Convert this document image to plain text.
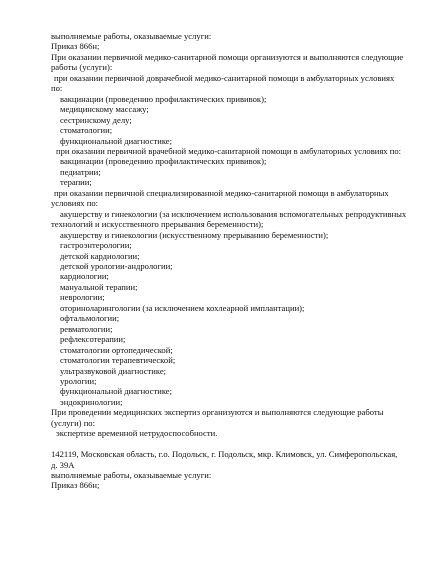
выполняемые работы, оказываемые услуги:
Приказ 866н;
При оказании первичной медико-санитарной помощи организуются и выполняются следующие
работы (услуги):
при оказании первичной доврачебной медико-санитарной помощи в амбулаторных условиях
по:
вакцинации (проведению профилактических прививок);
медицинскому массажу;
сестринскому делу;
стоматологии;
функциональной диагностике;
при оказании первичной врачебной медико-санитарной помощи в амбулаторных условиях по:
вакцинации (проведению профилактических прививок);
педиатрии;
терапии;
при оказании первичной специализированной медико-санитарной помощи в амбулаторных
условиях по:
акушерству и гинекологии (за исключением использования вспомогательных репродуктивных
технологий и искусственного прерывания беременности);
акушерству и гинекологии (искусственному прерыванию беременности);
гастроэнтерологии;
детской кардиологии;
детской урологии-андрологии;
кардиологии;
мануальной терапии;
неврологии;
оториноларингологии (за исключением кохлеарной имплантации);
офтальмологии;
ревматологии;
рефлексотерапии;
стоматологии ортопедической;
стоматологии терапевтической;
ультразвуковой диагностике;
урологии;
функциональной диагностике;
эндокринологии;
При проведении медицинских экспертиз организуются и выполняются следующие работы
(услуги) по:
экспертизе временной нетрудоспособности.
142119, Московская область, г.о. Подольск, г. Подольск, мкр. Климовск, ул. Симферопольская,
д. 39А
выполняемые работы, оказываемые услуги:
Приказ 866н;
